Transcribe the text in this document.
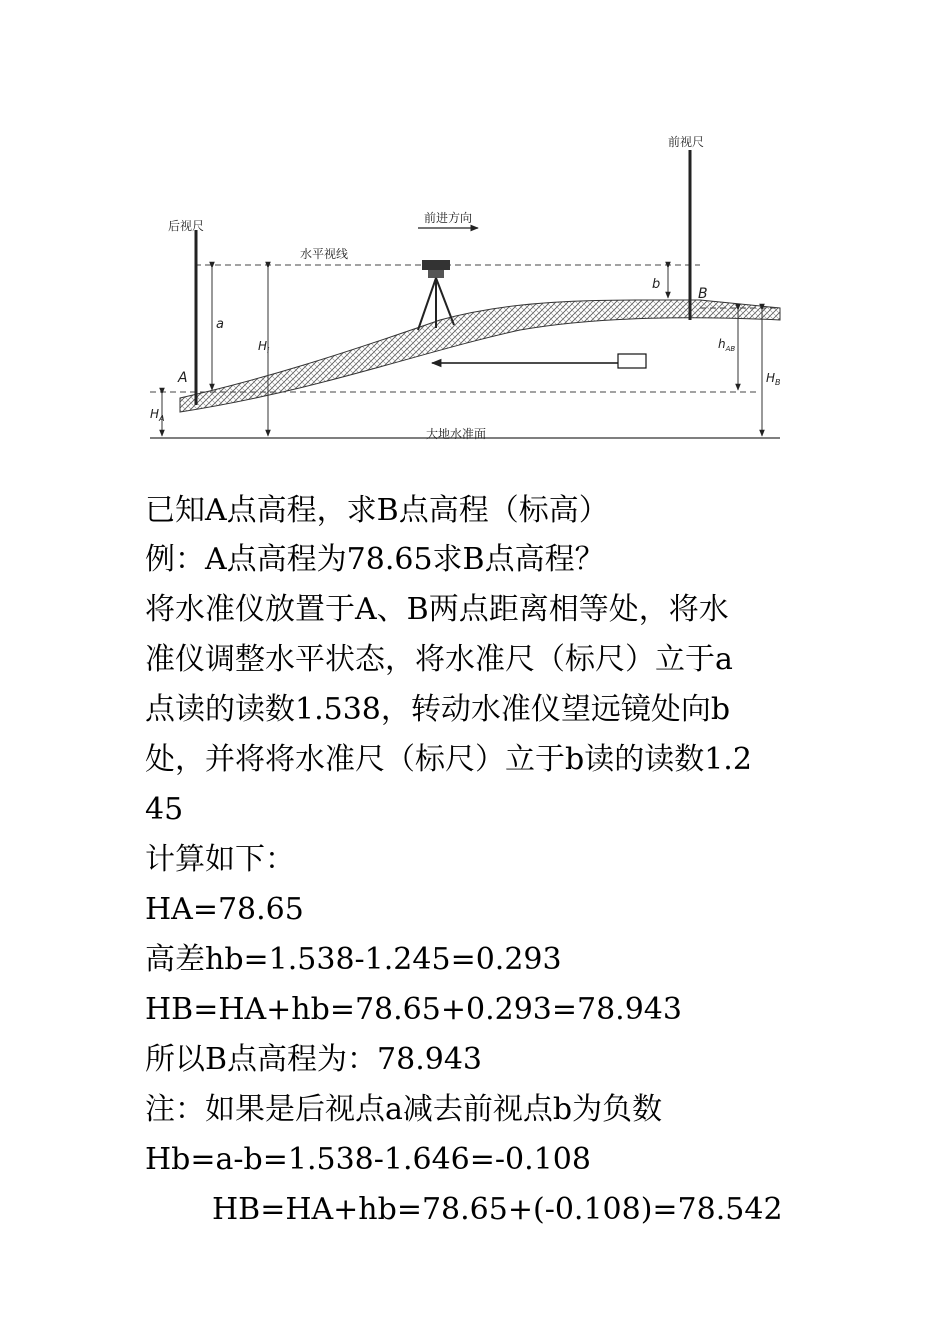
后视尺
前视尺
前进方向
水平视线
大地水准面
A
B
a
b
$H_i$
$H_A$
$h_{AB}$
$H_B$
已知A点高程，求B点高程（标高）
例：A点高程为78.65求B点高程？
将水准仪放置于A、B两点距离相等处，将水
准仪调整水平状态，将水准尺（标尺）立于a
点读的读数1.538，转动水准仪望远镜处向b
处，并将将水准尺（标尺）立于b读的读数1.2
45
计算如下：
HA=78.65
高差hb=1.538-1.245=0.293
HB=HA+hb=78.65+0.293=78.943
所以B点高程为：78.943
注：如果是后视点a减去前视点b为负数
Hb=a-b=1.538-1.646=-0.108
HB=HA+hb=78.65+(-0.108)=78.542
